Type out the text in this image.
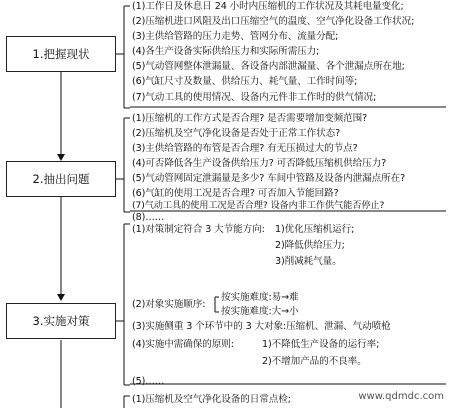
1.把握现状
2.抽出问题
3.实施对策
(1)工作日及休息日 24 小时内压缩机的工作状况及其耗电量变化;
(2)压缩机进口风阻及出口压缩空气的温度、空气净化设备工作状况;
(3)主供给管路的压力走势、管网分布、流量分配;
(4)各生产设备实际供给压力和实际所需压力;
(5)气动管网整体泄漏量、各设备内部泄漏量、各个泄漏点所在地;
(6)气缸尺寸及数量、供给压力、耗气量、工作时间等;
(7)气动工具的使用情况、设备内元件非工作时的供气情况;
(1)压缩机的工作方式是否合理? 是否需要增加变频范围?
(2)压缩机及空气净化设备是否处于正常工作状态?
(3)主供给管路的布管是否合理? 有无压损过大的节点?
(4)可否降低各生产设备供给压力? 可否降低压缩机供给压力?
(5)气动管网固定泄漏量是多少? 车间中管路及设备内泄漏点所在?
(6)气缸的使用工况是否合理? 可否加入节能回路?
(7)气动工具的使用工况是否合理? 设备内非工作供气能否停止?
(8)……
(1)对策制定符合 3 大节能方向: 1)优化压缩机运行;
2)降低供给压力;
3)削减耗气量。
(2)对象实施顺序:
按实施难度:易→难
按实施难度:大→小
(3)实施侧重 3 个环节中的 3 大对象:压缩机、泄漏、气动喷枪
(4)实施中需确保的原则:	1)不降低生产设备的运行率;
2)不增加产品的不良率。
(5)……
(1)压缩机及空气净化设备的日常点检;	www.qdmdc.com
